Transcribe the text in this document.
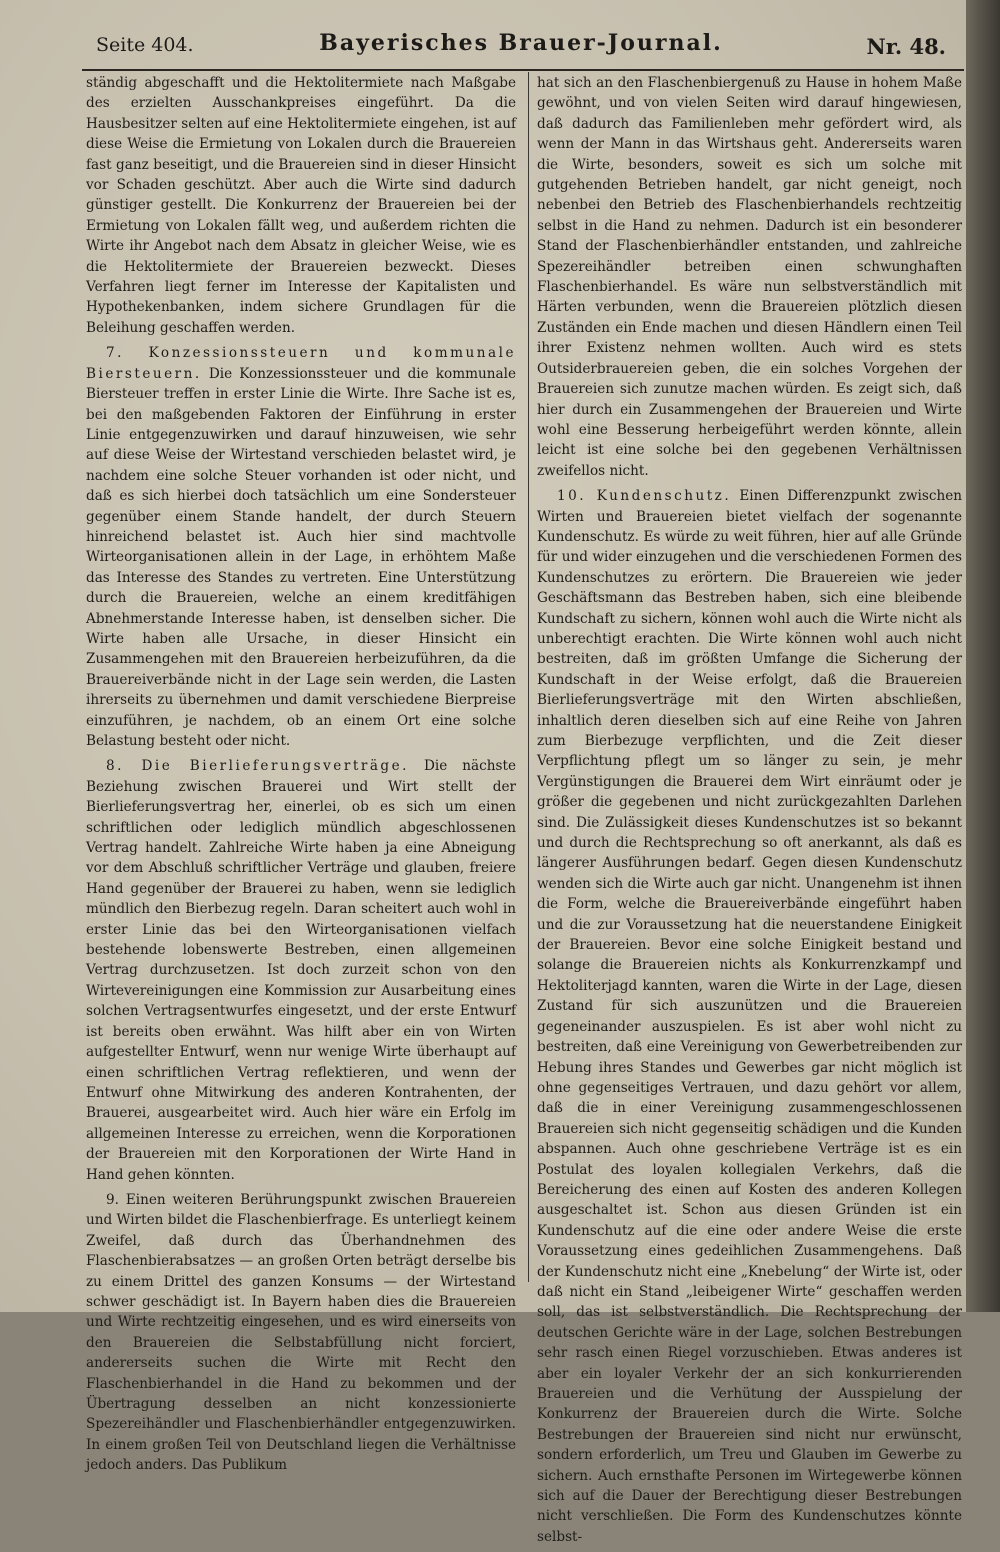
Seite 404.	Bayerisches Brauer-Journal.	Nr. 48.

ständig abgeschafft und die Hektolitermiete nach Maßgabe des erzielten Ausschankpreises eingeführt. Da die Hausbesitzer selten auf eine Hektolitermiete eingehen, ist auf diese Weise die Ermietung von Lokalen durch die Brauereien fast ganz beseitigt, und die Brauereien sind in dieser Hinsicht vor Schaden geschützt. Aber auch die Wirte sind dadurch günstiger gestellt. Die Konkurrenz der Brauereien bei der Ermietung von Lokalen fällt weg, und außerdem richten die Wirte ihr Angebot nach dem Absatz in gleicher Weise, wie es die Hektolitermiete der Brauereien bezweckt. Dieses Verfahren liegt ferner im Interesse der Kapitalisten und Hypothekenbanken, indem sichere Grundlagen für die Beleihung geschaffen werden.

7. Konzessionssteuern und kommunale Biersteuern. Die Konzessionssteuer und die kommunale Biersteuer treffen in erster Linie die Wirte. Ihre Sache ist es, bei den maßgebenden Faktoren der Einführung in erster Linie entgegenzuwirken und darauf hinzuweisen, wie sehr auf diese Weise der Wirtestand verschieden belastet wird, je nachdem eine solche Steuer vorhanden ist oder nicht, und daß es sich hierbei doch tatsächlich um eine Sondersteuer gegenüber einem Stande handelt, der durch Steuern hinreichend belastet ist. Auch hier sind machtvolle Wirteorganisationen allein in der Lage, in erhöhtem Maße das Interesse des Standes zu vertreten. Eine Unterstützung durch die Brauereien, welche an einem kreditfähigen Abnehmerstande Interesse haben, ist denselben sicher. Die Wirte haben alle Ursache, in dieser Hinsicht ein Zusammengehen mit den Brauereien herbeizuführen, da die Brauereiverbände nicht in der Lage sein werden, die Lasten ihrerseits zu übernehmen und damit verschiedene Bierpreise einzuführen, je nachdem, ob an einem Ort eine solche Belastung besteht oder nicht.

8. Die Bierlieferungsverträge. Die nächste Beziehung zwischen Brauerei und Wirt stellt der Bierlieferungsvertrag her, einerlei, ob es sich um einen schriftlichen oder lediglich mündlich abgeschlossenen Vertrag handelt. Zahlreiche Wirte haben ja eine Abneigung vor dem Abschluß schriftlicher Verträge und glauben, freiere Hand gegenüber der Brauerei zu haben, wenn sie lediglich mündlich den Bierbezug regeln. Daran scheitert auch wohl in erster Linie das bei den Wirteorganisationen vielfach bestehende lobenswerte Bestreben, einen allgemeinen Vertrag durchzusetzen. Ist doch zurzeit schon von den Wirtevereinigungen eine Kommission zur Ausarbeitung eines solchen Vertragsentwurfes eingesetzt, und der erste Entwurf ist bereits oben erwähnt. Was hilft aber ein von Wirten aufgestellter Entwurf, wenn nur wenige Wirte überhaupt auf einen schriftlichen Vertrag reflektieren, und wenn der Entwurf ohne Mitwirkung des anderen Kontrahenten, der Brauerei, ausgearbeitet wird. Auch hier wäre ein Erfolg im allgemeinen Interesse zu erreichen, wenn die Korporationen der Brauereien mit den Korporationen der Wirte Hand in Hand gehen könnten.

9. Einen weiteren Berührungspunkt zwischen Brauereien und Wirten bildet die Flaschenbierfrage. Es unterliegt keinem Zweifel, daß durch das Überhandnehmen des Flaschenbierabsatzes — an großen Orten beträgt derselbe bis zu einem Drittel des ganzen Konsums — der Wirtestand schwer geschädigt ist. In Bayern haben dies die Brauereien und Wirte rechtzeitig eingesehen, und es wird einerseits von den Brauereien die Selbstabfüllung nicht forciert, andererseits suchen die Wirte mit Recht den Flaschenbierhandel in die Hand zu bekommen und der Übertragung desselben an nicht konzessionierte Spezereihändler und Flaschenbierhändler entgegenzuwirken. In einem großen Teil von Deutschland liegen die Verhältnisse jedoch anders. Das Publikum

hat sich an den Flaschenbiergenuß zu Hause in hohem Maße gewöhnt, und von vielen Seiten wird darauf hingewiesen, daß dadurch das Familienleben mehr gefördert wird, als wenn der Mann in das Wirtshaus geht. Andererseits waren die Wirte, besonders, soweit es sich um solche mit gutgehenden Betrieben handelt, gar nicht geneigt, noch nebenbei den Betrieb des Flaschenbierhandels rechtzeitig selbst in die Hand zu nehmen. Dadurch ist ein besonderer Stand der Flaschenbierhändler entstanden, und zahlreiche Spezereihändler betreiben einen schwunghaften Flaschenbierhandel. Es wäre nun selbstverständlich mit Härten verbunden, wenn die Brauereien plötzlich diesen Zuständen ein Ende machen und diesen Händlern einen Teil ihrer Existenz nehmen wollten. Auch wird es stets Outsiderbrauereien geben, die ein solches Vorgehen der Brauereien sich zunutze machen würden. Es zeigt sich, daß hier durch ein Zusammengehen der Brauereien und Wirte wohl eine Besserung herbeigeführt werden könnte, allein leicht ist eine solche bei den gegebenen Verhältnissen zweifellos nicht.

10. Kundenschutz. Einen Differenzpunkt zwischen Wirten und Brauereien bietet vielfach der sogenannte Kundenschutz. Es würde zu weit führen, hier auf alle Gründe für und wider einzugehen und die verschiedenen Formen des Kundenschutzes zu erörtern. Die Brauereien wie jeder Geschäftsmann das Bestreben haben, sich eine bleibende Kundschaft zu sichern, können wohl auch die Wirte nicht als unberechtigt erachten. Die Wirte können wohl auch nicht bestreiten, daß im größten Umfange die Sicherung der Kundschaft in der Weise erfolgt, daß die Brauereien Bierlieferungsverträge mit den Wirten abschließen, inhaltlich deren dieselben sich auf eine Reihe von Jahren zum Bierbezuge verpflichten, und die Zeit dieser Verpflichtung pflegt um so länger zu sein, je mehr Vergünstigungen die Brauerei dem Wirt einräumt oder je größer die gegebenen und nicht zurückgezahlten Darlehen sind. Die Zulässigkeit dieses Kundenschutzes ist so bekannt und durch die Rechtsprechung so oft anerkannt, als daß es längerer Ausführungen bedarf. Gegen diesen Kundenschutz wenden sich die Wirte auch gar nicht. Unangenehm ist ihnen die Form, welche die Brauereiverbände eingeführt haben und die zur Voraussetzung hat die neuerstandene Einigkeit der Brauereien. Bevor eine solche Einigkeit bestand und solange die Brauereien nichts als Konkurrenzkampf und Hektoliterjagd kannten, waren die Wirte in der Lage, diesen Zustand für sich auszunützen und die Brauereien gegeneinander auszuspielen. Es ist aber wohl nicht zu bestreiten, daß eine Vereinigung von Gewerbetreibenden zur Hebung ihres Standes und Gewerbes gar nicht möglich ist ohne gegenseitiges Vertrauen, und dazu gehört vor allem, daß die in einer Vereinigung zusammengeschlossenen Brauereien sich nicht gegenseitig schädigen und die Kunden abspannen. Auch ohne geschriebene Verträge ist es ein Postulat des loyalen kollegialen Verkehrs, daß die Bereicherung des einen auf Kosten des anderen Kollegen ausgeschaltet ist. Schon aus diesen Gründen ist ein Kundenschutz auf die eine oder andere Weise die erste Voraussetzung eines gedeihlichen Zusammengehens. Daß der Kundenschutz nicht eine „Knebelung“ der Wirte ist, oder daß nicht ein Stand „leibeigener Wirte“ geschaffen werden soll, das ist selbstverständlich. Die Rechtsprechung der deutschen Gerichte wäre in der Lage, solchen Bestrebungen sehr rasch einen Riegel vorzuschieben. Etwas anderes ist aber ein loyaler Verkehr der an sich konkurrierenden Brauereien und die Verhütung der Ausspielung der Konkurrenz der Brauereien durch die Wirte. Solche Bestrebungen der Brauereien sind nicht nur erwünscht, sondern erforderlich, um Treu und Glauben im Gewerbe zu sichern. Auch ernsthafte Personen im Wirtegewerbe können sich auf die Dauer der Berechtigung dieser Bestrebungen nicht verschließen. Die Form des Kundenschutzes könnte selbst-
